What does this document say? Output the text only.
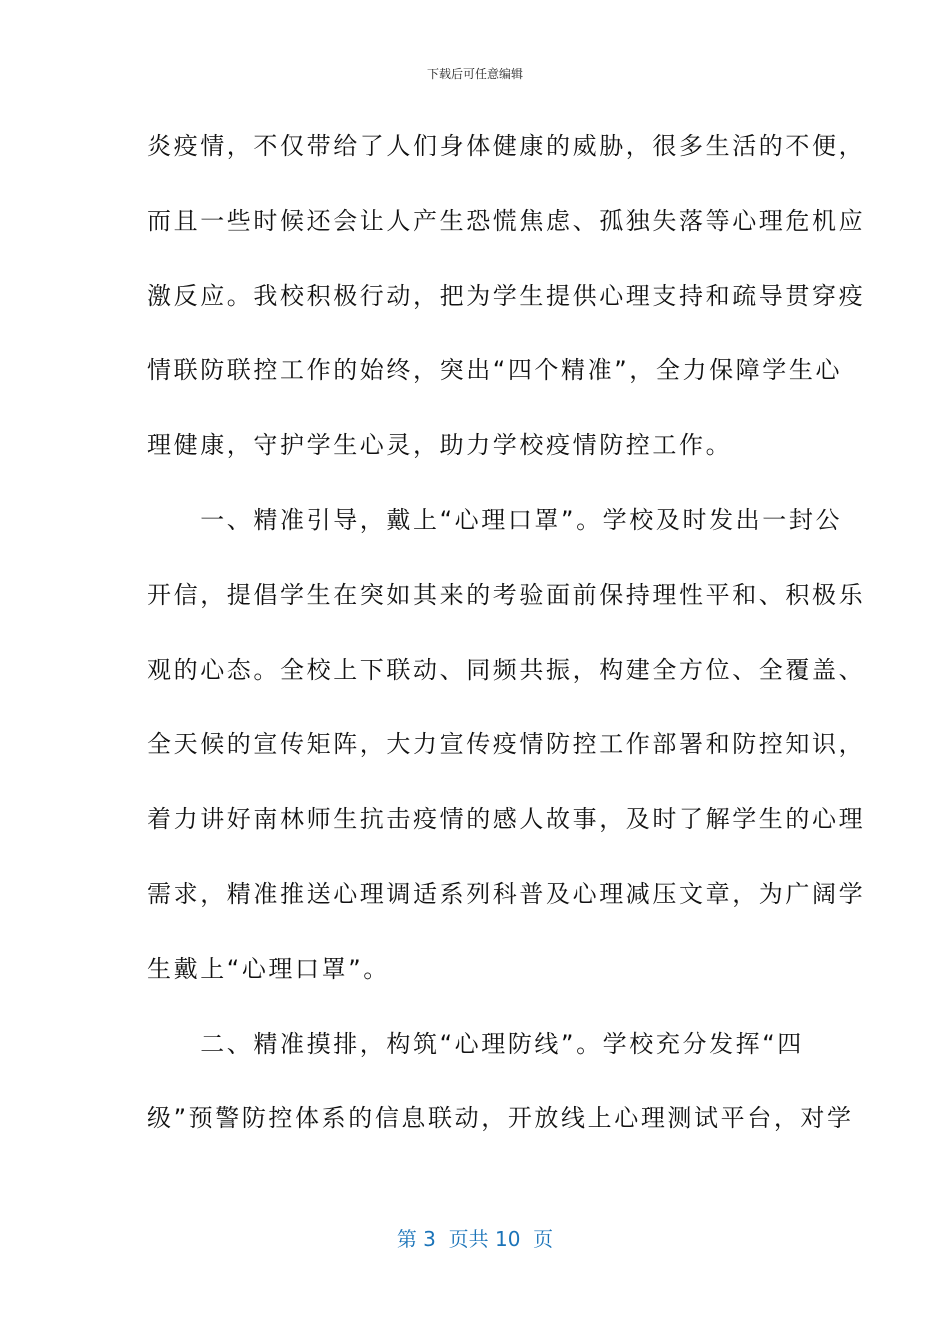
下载后可任意编辑
炎疫情，不仅带给了人们身体健康的威胁，很多生活的不便，
而且一些时候还会让人产生恐慌焦虑、孤独失落等心理危机应
激反应。我校积极行动，把为学生提供心理支持和疏导贯穿疫
情联防联控工作的始终，突出“四个精准”，全力保障学生心
理健康，守护学生心灵，助力学校疫情防控工作。
　　一、精准引导，戴上“心理口罩”。学校及时发出一封公
开信，提倡学生在突如其来的考验面前保持理性平和、积极乐
观的心态。全校上下联动、同频共振，构建全方位、全覆盖、
全天候的宣传矩阵，大力宣传疫情防控工作部署和防控知识，
着力讲好南林师生抗击疫情的感人故事，及时了解学生的心理
需求，精准推送心理调适系列科普及心理减压文章，为广阔学
生戴上“心理口罩”。
　　二、精准摸排，构筑“心理防线”。学校充分发挥“四
级”预警防控体系的信息联动，开放线上心理测试平台，对学
第 3  页共 10  页
